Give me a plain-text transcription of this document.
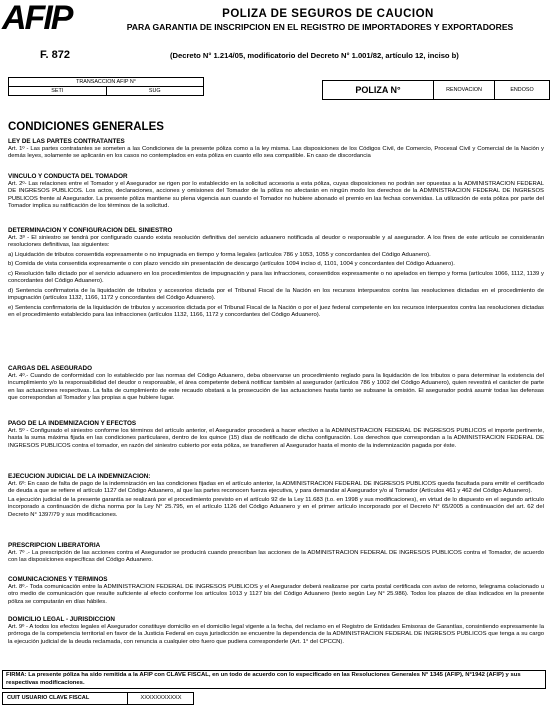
AFIP	POLIZA DE SEGUROS DE CAUCION
PARA GARANTIA DE INSCRIPCION EN EL REGISTRO DE IMPORTADORES Y EXPORTADORES
F. 872	(Decreto N° 1.214/05, modificatorio del Decreto N° 1.001/82, artículo 12, inciso b)
TRANSACCION AFIP N°
SETI	SUG	POLIZA N°	RENOVACION	ENDOSO
CONDICIONES GENERALES
LEY DE LAS PARTES CONTRATANTES

Art. 1º - Las partes contratantes se someten a las Condiciones de la presente póliza como a la ley misma. Las disposiciones de los Códigos Civil, de Comercio, Procesal Civil y Comercial de la Nación y demás leyes, solamente se aplicarán en los casos no contemplados en esta póliza en cuanto ello sea compatible. En caso de discordancia

VINCULO Y CONDUCTA DEL TOMADOR

Art. 2º- Las relaciones entre el Tomador y el Asegurador se rigen por lo establecido en la solicitud accesoria a esta póliza, cuyas disposiciones no podrán ser opuestas a la ADMINISTRACION FEDERAL DE INGRESOS PUBLICOS. Los actos, declaraciones, acciones y omisiones del Tomador de la póliza no afectarán en ningún modo los derechos de la ADMINISTRACION FEDERAL DE INGRESOS PUBLICOS frente al Asegurador. La presente póliza mantiene su plena vigencia aun cuando el Tomador no hubiere abonado el premio en las fechas convenidas. La utilización de esta póliza por parte del Tomador implica su ratificación de los términos de la solicitud.

DETERMINACION Y CONFIGURACION DEL SINIESTRO

Art. 3º - El siniestro se tendrá por configurado cuando exista resolución definitiva del servicio aduanero notificada al deudor o responsable y al asegurador. A los fines de este artículo se considerarán resoluciones definitivas, las siguientes:

a) Liquidación de tributos consentida expresamente o no impugnada en tiempo y forma legales (artículos 786 y 1053, 1055 y concordantes del Código Aduanero).

b) Comida de vista consentida expresamente o con plazo vencido sin presentación de descargo (artículos 1094 inciso d, 1101, 1004 y concordantes del Código Aduanero).

c) Resolución fallo dictado por el servicio aduanero en los procedimientos de impugnación y para las infracciones, consentidos expresamente o no apelados en tiempo y forma (artículos 1066, 1112, 1139 y concordantes del Código Aduanero).

d) Sentencia confirmatoria de la liquidación de tributos y accesorios dictada por el Tribunal Fiscal de la Nación en los recursos interpuestos contra las resoluciones dictadas en el procedimiento de impugnación (artículos 1132, 1166, 1172 y concordantes del Código Aduanero).

e) Sentencia confirmatoria de la liquidación de tributos y accesorios dictada por el Tribunal Fiscal de la Nación o por el juez federal competente en los recursos interpuestos contra las resoluciones dictadas en el procedimiento establecido para las infracciones (artículos 1132, 1166, 1172 y concordantes del Código Aduanero).

CARGAS DEL ASEGURADO

Art. 4º.- Cuando de conformidad con lo establecido por las normas del Código Aduanero, deba observarse un procedimiento reglado para la liquidación de los tributos o para determinar la existencia del incumplimiento y/o la responsabilidad del deudor o responsable, el área competente deberá notificar también al asegurador (artículos 786 y 1002 del Código Aduanero), quien revestirá el carácter de parte en las actuaciones respectivas. La falta de cumplimiento de este recaudo obstará a la prosecución de las actuaciones hasta tanto se subsane la omisión. El asegurador podrá asumir todas las defensas que correspondan al Tomador y las propias a que hubiere lugar.

PAGO DE LA INDEMNIZACION Y EFECTOS

Art. 5º - Configurado el siniestro conforme los términos del artículo anterior, el Asegurador procederá a hacer efectivo a la ADMINISTRACION FEDERAL DE INGRESOS PUBLICOS el importe pertinente, hasta la suma máxima fijada en las condiciones particulares, dentro de los quince (15) días de notificado de dicha configuración. Los derechos que correspondan a la ADMINISTRACION FEDERAL DE INGRESOS PUBLICOS contra el tomador, en razón del siniestro cubierto por esta póliza, se transfieren al Asegurador hasta el monto de la indemnización pagada por éste.

EJECUCION JUDICIAL DE LA INDEMNIZACION:

Art. 6º: En caso de falta de pago de la indemnización en las condiciones fijadas en el artículo anterior, la ADMINISTRACION FEDERAL DE INGRESOS PUBLICOS queda facultada para emitir el certificado de deuda a que se refiere el artículo 1127 del Código Aduanero, al que las partes reconocen fuerza ejecutiva, y para demandar al Asegurador y/o al Tomador (Artículos 461 y 462 del Código Aduanero).

La ejecución judicial de la presente garantía se realizará por el procedimiento previsto en el artículo 92 de la Ley 11.683 (t.o. en 1998 y sus modificaciones), en virtud de lo dispuesto en el segundo artículo incorporado a continuación de dicha norma por la Ley N° 25.795, en el artículo 1126 del Código Aduanero y en el primer artículo incorporado por el Decreto N° 65/2005 a continuación del art. 62 del Decreto N° 1397/79 y sus modificaciones.

PRESCRIPCION LIBERATORIA

Art. 7º .- La prescripción de las acciones contra el Asegurador se producirá cuando prescriban las acciones de la ADMINISTRACION FEDERAL DE INGRESOS PUBLICOS contra el Tomador, de acuerdo con las disposiciones específicas del Código Aduanero.

COMUNICACIONES Y TERMINOS

Art. 8º.- Toda comunicación entre la ADMINISTRACION FEDERAL DE INGRESOS PUBLICOS y el Asegurador deberá realizarse por carta postal certificada con aviso de retorno, telegrama colacionado u otro medio de comunicación que resulte suficiente al efecto conforme los artículos 1013 y 1127 bis del Código Aduanero (texto según Ley N° 25.986). Todos los plazos de días indicados en la presente póliza se computarán en días hábiles.

DOMICILIO LEGAL - JURISDICCION

Art. 9º - A todos los efectos legales el Asegurador constituye domicilio en el domicilio legal vigente a la fecha, del reclamo en el Registro de Entidades Emisoras de Garantías, consintiendo expresamente la prórroga de la competencia territorial en favor de la Justicia Federal en cuya jurisdicción se encuentre la dependencia de la ADMINISTRACION FEDERAL DE INGRESOS PUBLICOS que tenga a su cargo la ejecución judicial de la deuda reclamada, con renuncia a cualquier otro fuero que pudiera corresponderle (Art. 1° del CPCCN).

FIRMA: La presente póliza ha sido remitida a la AFIP con CLAVE FISCAL, en un todo de acuerdo con lo especificado en las Resoluciones Generales N° 1345 (AFIP), N°1942 (AFIP) y sus respectivas modificaciones.
CUIT USUARIO CLAVE FISCAL	XXXXXXXXXXX
